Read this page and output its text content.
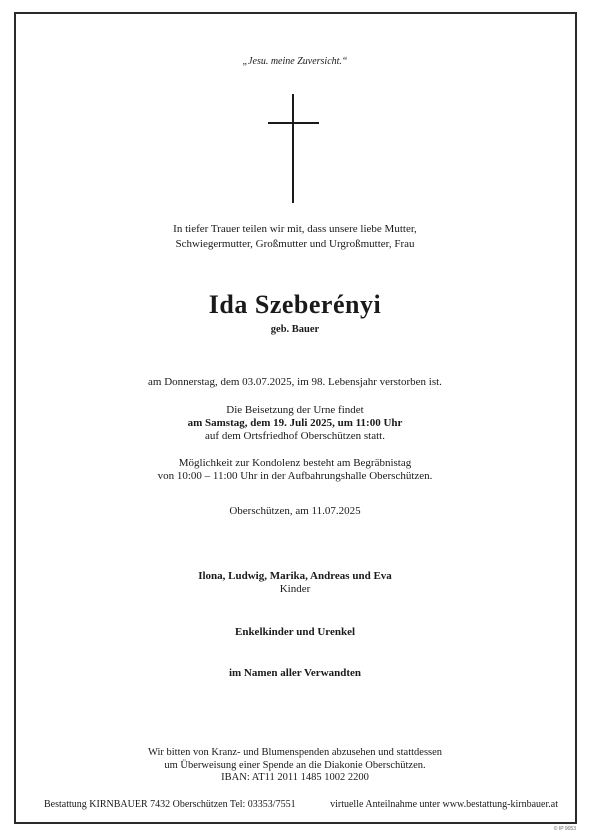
„Jesu. meine Zuversicht.“
In tiefer Trauer teilen wir mit, dass unsere liebe Mutter,
Schwiegermutter, Großmutter und Urgroßmutter, Frau
Ida Szeberényi
geb. Bauer
am Donnerstag, dem 03.07.2025, im 98. Lebensjahr verstorben ist.
Die Beisetzung der Urne findet
am Samstag, dem 19. Juli 2025, um 11:00 Uhr
auf dem Ortsfriedhof Oberschützen statt.
Möglichkeit zur Kondolenz besteht am Begräbnistag
von 10:00 – 11:00 Uhr in der Aufbahrungshalle Oberschützen.
Oberschützen, am 11.07.2025
Ilona, Ludwig, Marika, Andreas und Eva
Kinder
Enkelkinder und Urenkel
im Namen aller Verwandten
Wir bitten von Kranz- und Blumenspenden abzusehen und stattdessen
um Überweisung einer Spende an die Diakonie Oberschützen.
IBAN: AT11 2011 1485 1002 2200
Bestattung KIRNBAUER 7432 Oberschützen Tel: 03353/7551	virtuelle Anteilnahme unter www.bestattung-kirnbauer.at
© IP 9053
